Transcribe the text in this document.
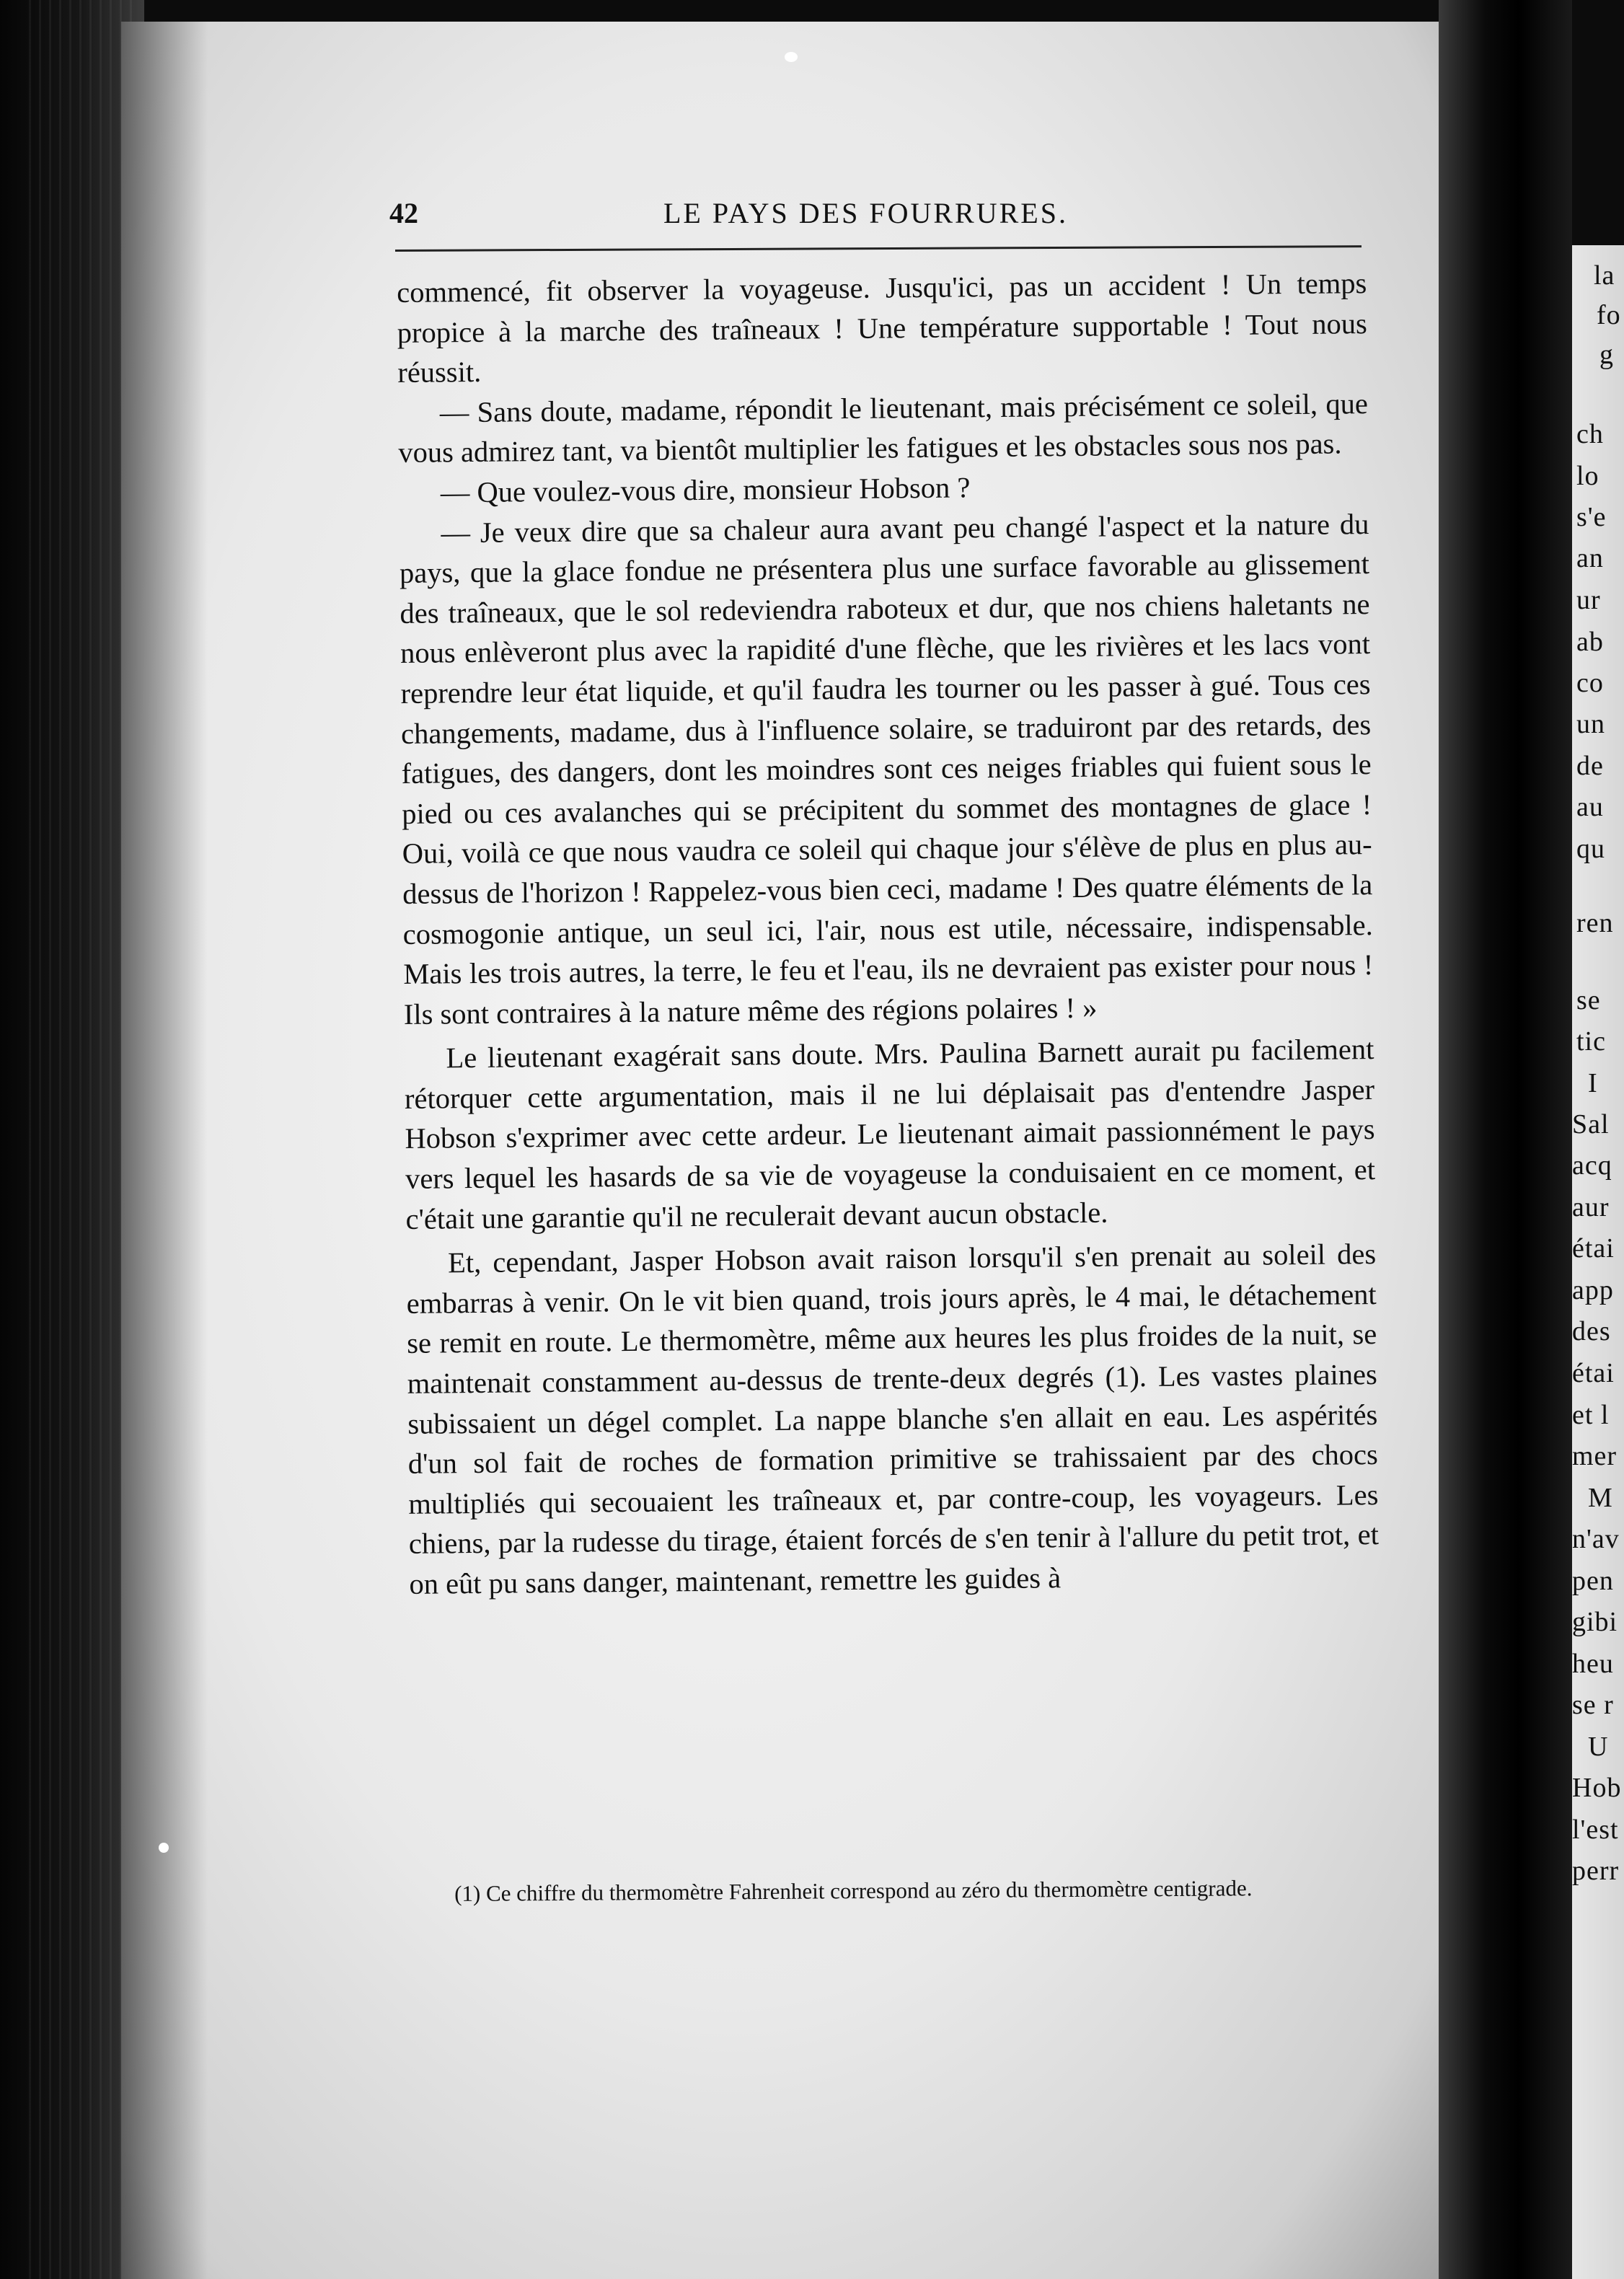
42	LE PAYS DES FOURRURES.

commencé, fit observer la voyageuse. Jusqu'ici, pas un accident ! Un temps propice à la marche des traîneaux ! Une température supportable ! Tout nous réussit.

— Sans doute, madame, répondit le lieutenant, mais précisément ce soleil, que vous admirez tant, va bientôt multiplier les fatigues et les obstacles sous nos pas.

— Que voulez-vous dire, monsieur Hobson ?

— Je veux dire que sa chaleur aura avant peu changé l'aspect et la nature du pays, que la glace fondue ne présentera plus une surface favorable au glissement des traîneaux, que le sol redeviendra raboteux et dur, que nos chiens haletants ne nous enlèveront plus avec la rapidité d'une flèche, que les rivières et les lacs vont reprendre leur état liquide, et qu'il faudra les tourner ou les passer à gué. Tous ces changements, madame, dus à l'influence solaire, se traduiront par des retards, des fatigues, des dangers, dont les moindres sont ces neiges friables qui fuient sous le pied ou ces avalanches qui se précipitent du sommet des montagnes de glace ! Oui, voilà ce que nous vaudra ce soleil qui chaque jour s'élève de plus en plus au-dessus de l'horizon ! Rappelez-vous bien ceci, madame ! Des quatre éléments de la cosmogonie antique, un seul ici, l'air, nous est utile, nécessaire, indispensable. Mais les trois autres, la terre, le feu et l'eau, ils ne devraient pas exister pour nous ! Ils sont contraires à la nature même des régions polaires ! »

Le lieutenant exagérait sans doute. Mrs. Paulina Barnett aurait pu facilement rétorquer cette argumentation, mais il ne lui déplaisait pas d'entendre Jasper Hobson s'exprimer avec cette ardeur. Le lieutenant aimait passionnément le pays vers lequel les hasards de sa vie de voyageuse la conduisaient en ce moment, et c'était une garantie qu'il ne reculerait devant aucun obstacle.

Et, cependant, Jasper Hobson avait raison lorsqu'il s'en prenait au soleil des embarras à venir. On le vit bien quand, trois jours après, le 4 mai, le détachement se remit en route. Le thermomètre, même aux heures les plus froides de la nuit, se maintenait constamment au-dessus de trente-deux degrés (1). Les vastes plaines subissaient un dégel complet. La nappe blanche s'en allait en eau. Les aspérités d'un sol fait de roches de formation primitive se trahissaient par des chocs multipliés qui secouaient les traîneaux et, par contre-coup, les voyageurs. Les chiens, par la rudesse du tirage, étaient forcés de s'en tenir à l'allure du petit trot, et on eût pu sans danger, maintenant, remettre les guides à

(1) Ce chiffre du thermomètre Fahrenheit correspond au zéro du thermomètre centigrade.
la
fo
g
ch
lo
s'e
an
ur
ab
co
un
de
au
qu
ren
se
tic
I
Sal
acq
aur
étai
app
des
étai
et l
mer
M
n'av
pen
gibi
heu
se r
U
Hob
l'est
perr
